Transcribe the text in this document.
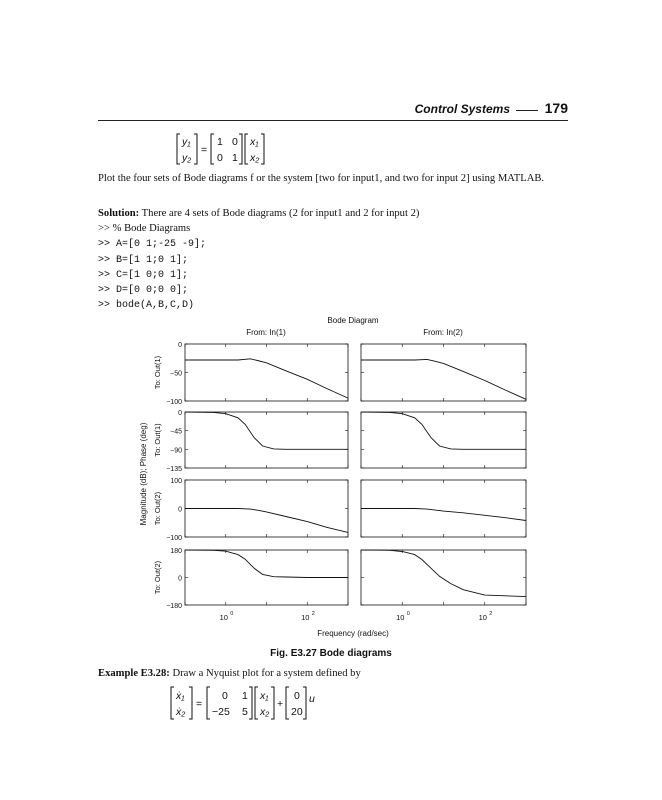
Control Systems 179
y₁
y₂
=
1 0
0 1
x₁
x₂
Plot the four sets of Bode diagrams f or the system [two for input1, and two for input 2] using MATLAB.
Solution: There are 4 sets of Bode diagrams (2 for input1 and 2 for input 2)
>> % Bode Diagrams
>> A=[0 1;-25 -9];
>> B=[1 1;0 1];
>> C=[1 0;0 1];
>> D=[0 0;0 0];
>> bode(A,B,C,D)
Bode Diagram
From: In(1)	From: In(2)
Magnitude (dB); Phase (deg)
Frequency (rad/sec)
0
−50
−100
0
−45
−90
−135
100
0
−100
180
0
−180
To: Out(1)
To: Out(1)
To: Out(2)
To: Out(2)
10 0	10 2	10 0	10 2
Fig. E3.27 Bode diagrams
Example E3.28: Draw a Nyquist plot for a system defined by
ẋ₁
ẋ₂
=
0 1
−25 5
x₁
x₂
+
0
20
u
